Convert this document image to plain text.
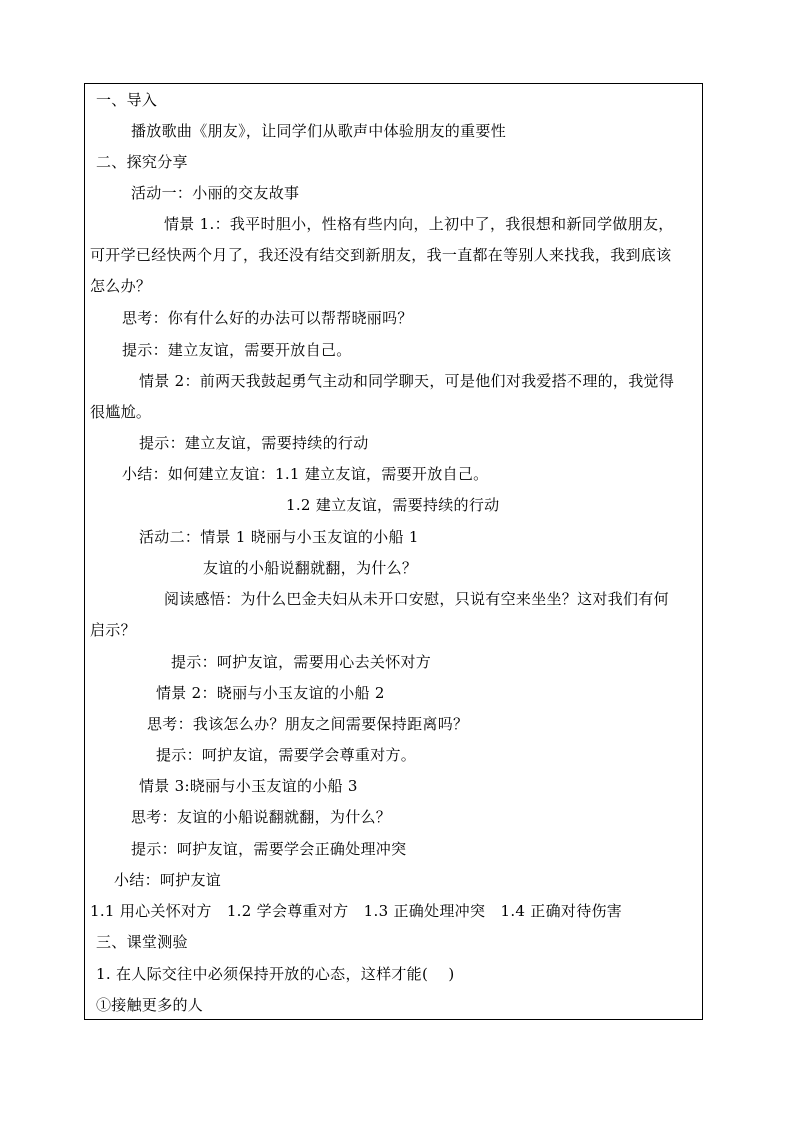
一、导入
播放歌曲《朋友》，让同学们从歌声中体验朋友的重要性
二、探究分享
活动一：小丽的交友故事
情景 1.：我平时胆小，性格有些内向，上初中了，我很想和新同学做朋友，
可开学已经快两个月了，我还没有结交到新朋友，我一直都在等别人来找我，我到底该
怎么办？
思考：你有什么好的办法可以帮帮晓丽吗？
提示：建立友谊，需要开放自己。
情景 2：前两天我鼓起勇气主动和同学聊天，可是他们对我爱搭不理的，我觉得
很尴尬。
提示：建立友谊，需要持续的行动
小结：如何建立友谊：1.1 建立友谊，需要开放自己。
1.2 建立友谊，需要持续的行动
活动二：情景 1 晓丽与小玉友谊的小船 1
友谊的小船说翻就翻，为什么？
阅读感悟：为什么巴金夫妇从未开口安慰，只说有空来坐坐？这对我们有何
启示？
提示：呵护友谊，需要用心去关怀对方
情景 2：晓丽与小玉友谊的小船 2
思考：我该怎么办？朋友之间需要保持距离吗？
提示：呵护友谊，需要学会尊重对方。
情景 3:晓丽与小玉友谊的小船 3
思考：友谊的小船说翻就翻，为什么？
提示：呵护友谊，需要学会正确处理冲突
小结：呵护友谊
1.1 用心关怀对方   1.2 学会尊重对方   1.3 正确处理冲突   1.4 正确对待伤害
三、课堂测验
1. 在人际交往中必须保持开放的心态，这样才能(    )
①接触更多的人
